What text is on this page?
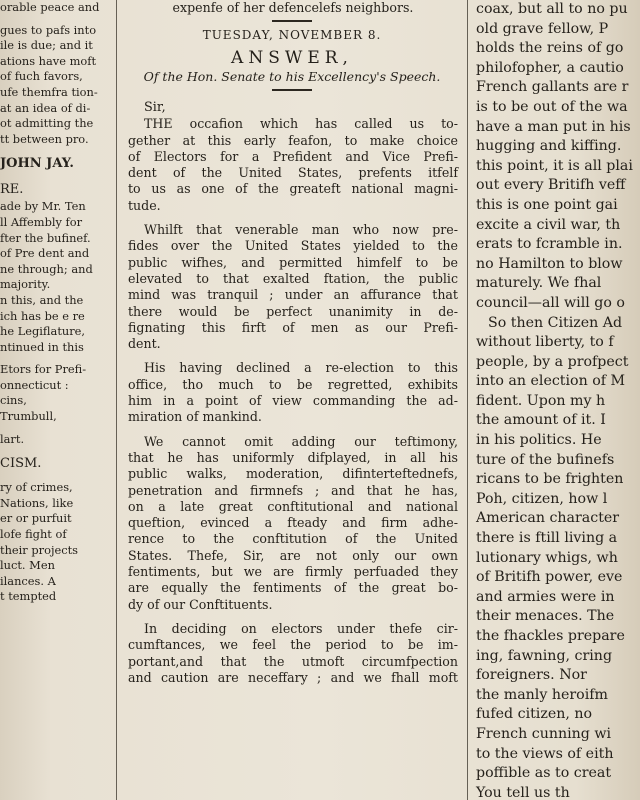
orable peace and
gues to pafs into
ile is due; and it
ations have moft
of fuch favors,
ufe themfra tion-
at an idea of di-
ot admitting the
tt between pro.
JOHN JAY.
RE.
ade by Mr. Ten
ll Affembly for
fter the bufinef.
of Pre dent and
ne through; and
majority.
n this, and the
ich has be e re
he Legiflature,
ntinued in this
Etors for Prefi-
onnecticut :
cins,
Trumbull,
lart.
CISM.
ry of crimes,
Nations, like
er or purfuit
lofe fight of
their projects
luct. Men
ilances. A
t tempted
expenfe of her defencelefs neighbors.
TUESDAY, NOVEMBER 8.
ANSWER,
Of the Hon. Senate to his Excellency's Speech.
Sir,
THE occafion which has called us to-
gether at this early feafon, to make choice
of Electors for a Prefident and Vice Prefi-
dent of the United States, prefents itfelf
to us as one of the greateft national magni-
tude.
Whilft that venerable man who now pre-
fides over the United States yielded to the
public wifhes, and permitted himfelf to be
elevated to that exalted ftation, the public
mind was tranquil ; under an affurance that
there would be perfect unanimity in de-
fignating this firft of men as our Prefi-
dent.
His having declined a re-election to this
office, tho much to be regretted, exhibits
him in a point of view commanding the ad-
miration of mankind.
We cannot omit adding our teftimony,
that he has uniformly difplayed, in all his
public walks, moderation, difinterteftednefs,
penetration and firmnefs ; and that he has,
on a late great conftitutional and national
queftion, evinced a fteady and firm adhe-
rence to the conftitution of the United
States. Thefe, Sir, are not only our own
fentiments, but we are firmly perfuaded they
are equally the fentiments of the great bo-
dy of our Conftituents.
In deciding on electors under thefe cir-
cumftances, we feel the period to be im-
portant,and that the utmoft circumfpection
and caution are neceffary ; and we fhall moft
coax, but all to no pu
old grave fellow, P
holds the reins of go
philofopher, a cautio
French gallants are r
is to be out of the wa
have a man put in his
hugging and kiffing.
this point, it is all plai
out every Britifh veff
this is one point gai
excite a civil war, th
erats to fcramble in.
no Hamilton to blow
maturely. We fhal
council—all will go o
So then Citizen Ad
without liberty, to f
people, by a profpect
into an election of M
fident. Upon my h
the amount of it. I
in his politics. He
ture of the bufinefs
ricans to be frighten
Poh, citizen, how l
American character
there is ftill living a
lutionary whigs, wh
of Britifh power, eve
and armies were in
their menaces. The
the fhackles prepare
ing, fawning, cring
foreigners. Nor
the manly heroifm
fufed citizen, no
French cunning wi
to the views of eith
poffible as to creat
You tell us th
